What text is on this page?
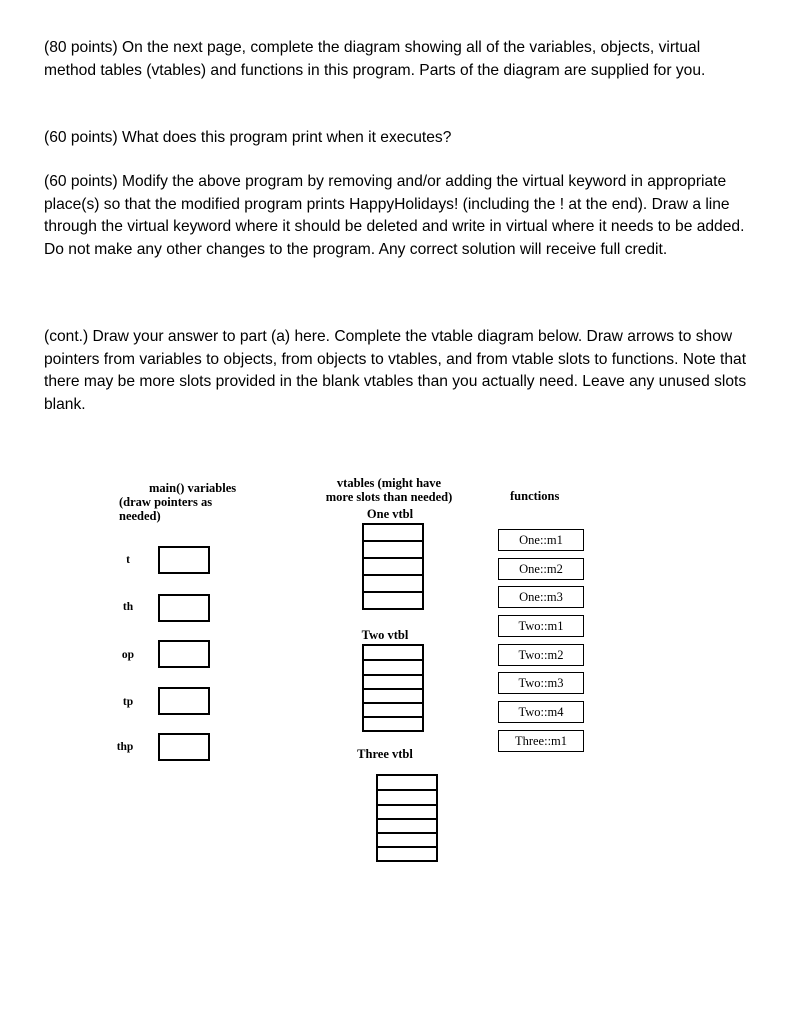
(80 points) On the next page, complete the diagram showing all of the variables, objects, virtual method tables (vtables) and functions in this program. Parts of the diagram are supplied for you.

(60 points) What does this program print when it executes?

(60 points) Modify the above program by removing and/or adding the virtual keyword in appropriate place(s) so that the modified program prints HappyHolidays! (including the ! at the end). Draw a line through the virtual keyword where it should be deleted and write in virtual where it needs to be added. Do not make any other changes to the program. Any correct solution will receive full credit.

(cont.) Draw your answer to part (a) here. Complete the vtable diagram below. Draw arrows to show pointers from variables to objects, from objects to vtables, and from vtable slots to functions. Note that there may be more slots provided in the blank vtables than you actually need. Leave any unused slots blank.

main() variables
(draw pointers as
needed)
vtables (might have
more slots than needed)	functions
t
th
op
tp
thp
One vtbl
Two vtbl
Three vtbl
One::m1
One::m2
One::m3
Two::m1
Two::m2
Two::m3
Two::m4
Three::m1
